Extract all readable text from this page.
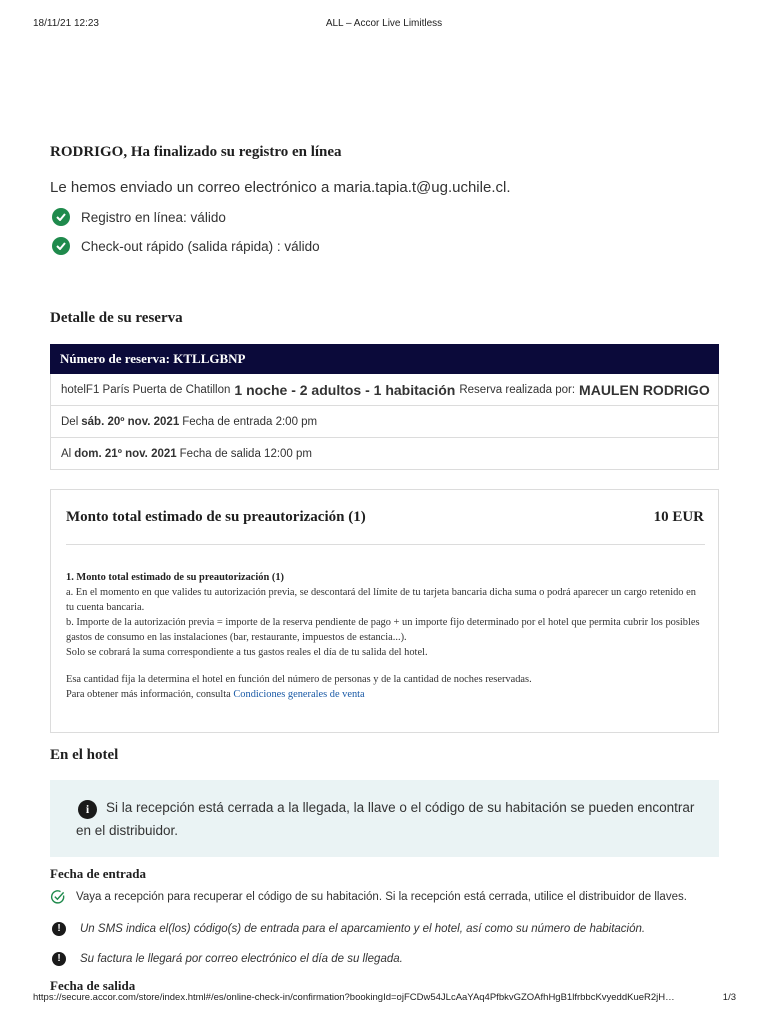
18/11/21 12:23	ALL – Accor Live Limitless
RODRIGO, Ha finalizado su registro en línea
Le hemos enviado un correo electrónico a maria.tapia.t@ug.uchile.cl.
Registro en línea: válido
Check-out rápido (salida rápida) : válido
Detalle de su reserva
Número de reserva: KTLLGBNP
hotelF1 París Puerta de Chatillon 1 noche - 2 adultos - 1 habitación Reserva realizada por: MAULEN RODRIGO
Del sáb. 20º nov. 2021 Fecha de entrada 2:00 pm
Al dom. 21º nov. 2021 Fecha de salida 12:00 pm
Monto total estimado de su preautorización (1)	10 EUR
1. Monto total estimado de su preautorización (1)
a. En el momento en que valides tu autorización previa, se descontará del límite de tu tarjeta bancaria dicha suma o podrá aparecer un cargo retenido en tu cuenta bancaria.
b. Importe de la autorización previa = importe de la reserva pendiente de pago + un importe fijo determinado por el hotel que permita cubrir los posibles gastos de consumo en las instalaciones (bar, restaurante, impuestos de estancia...).
Solo se cobrará la suma correspondiente a tus gastos reales el día de tu salida del hotel.
Esa cantidad fija la determina el hotel en función del número de personas y de la cantidad de noches reservadas.
Para obtener más información, consulta Condiciones generales de venta
En el hotel
i	Si la recepción está cerrada a la llegada, la llave o el código de su habitación se pueden encontrar en el distribuidor.
Fecha de entrada
Vaya a recepción para recuperar el código de su habitación. Si la recepción está cerrada, utilice el distribuidor de llaves.
!	Un SMS indica el(los) código(s) de entrada para el aparcamiento y el hotel, así como su número de habitación.
!	Su factura le llegará por correo electrónico el día de su llegada.
Fecha de salida
https://secure.accor.com/store/index.html#/es/online-check-in/confirmation?bookingId=ojFCDw54JLcAaYAq4PfbkvGZOAfhHgB1lfrbbcKvyeddKueR2jH…	1/3
